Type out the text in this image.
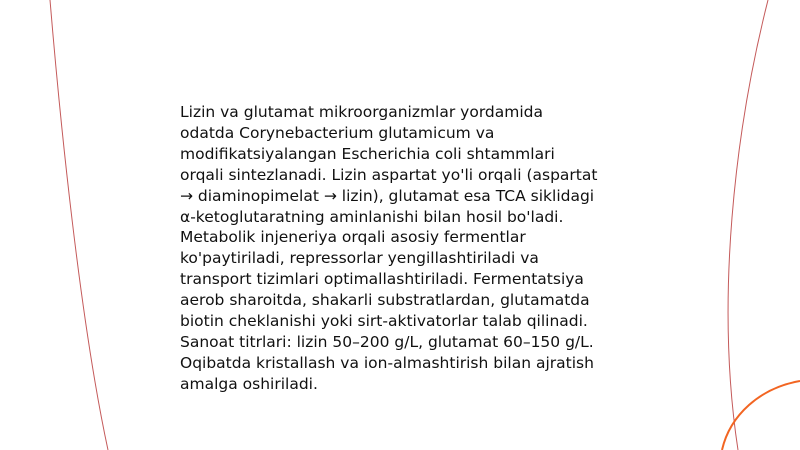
Lizin va glutamat mikroorganizmlar yordamida
odatda Corynebacterium glutamicum va
modifikatsiyalangan Escherichia coli shtammlari
orqali sintezlanadi. Lizin aspartat yo'li orqali (aspartat
→ diaminopimelat → lizin), glutamat esa TCA siklidagi
α-ketoglutaratning aminlanishi bilan hosil bo'ladi.
Metabolik injeneriya orqali asosiy fermentlar
ko'paytiriladi, repressorlar yengillashtiriladi va
transport tizimlari optimallashtiriladi. Fermentatsiya
aerob sharoitda, shakarli substratlardan, glutamatda
biotin cheklanishi yoki sirt-aktivatorlar talab qilinadi.
Sanoat titrlari: lizin 50–200 g/L, glutamat 60–150 g/L.
Oqibatda kristallash va ion-almashtirish bilan ajratish
amalga oshiriladi.
